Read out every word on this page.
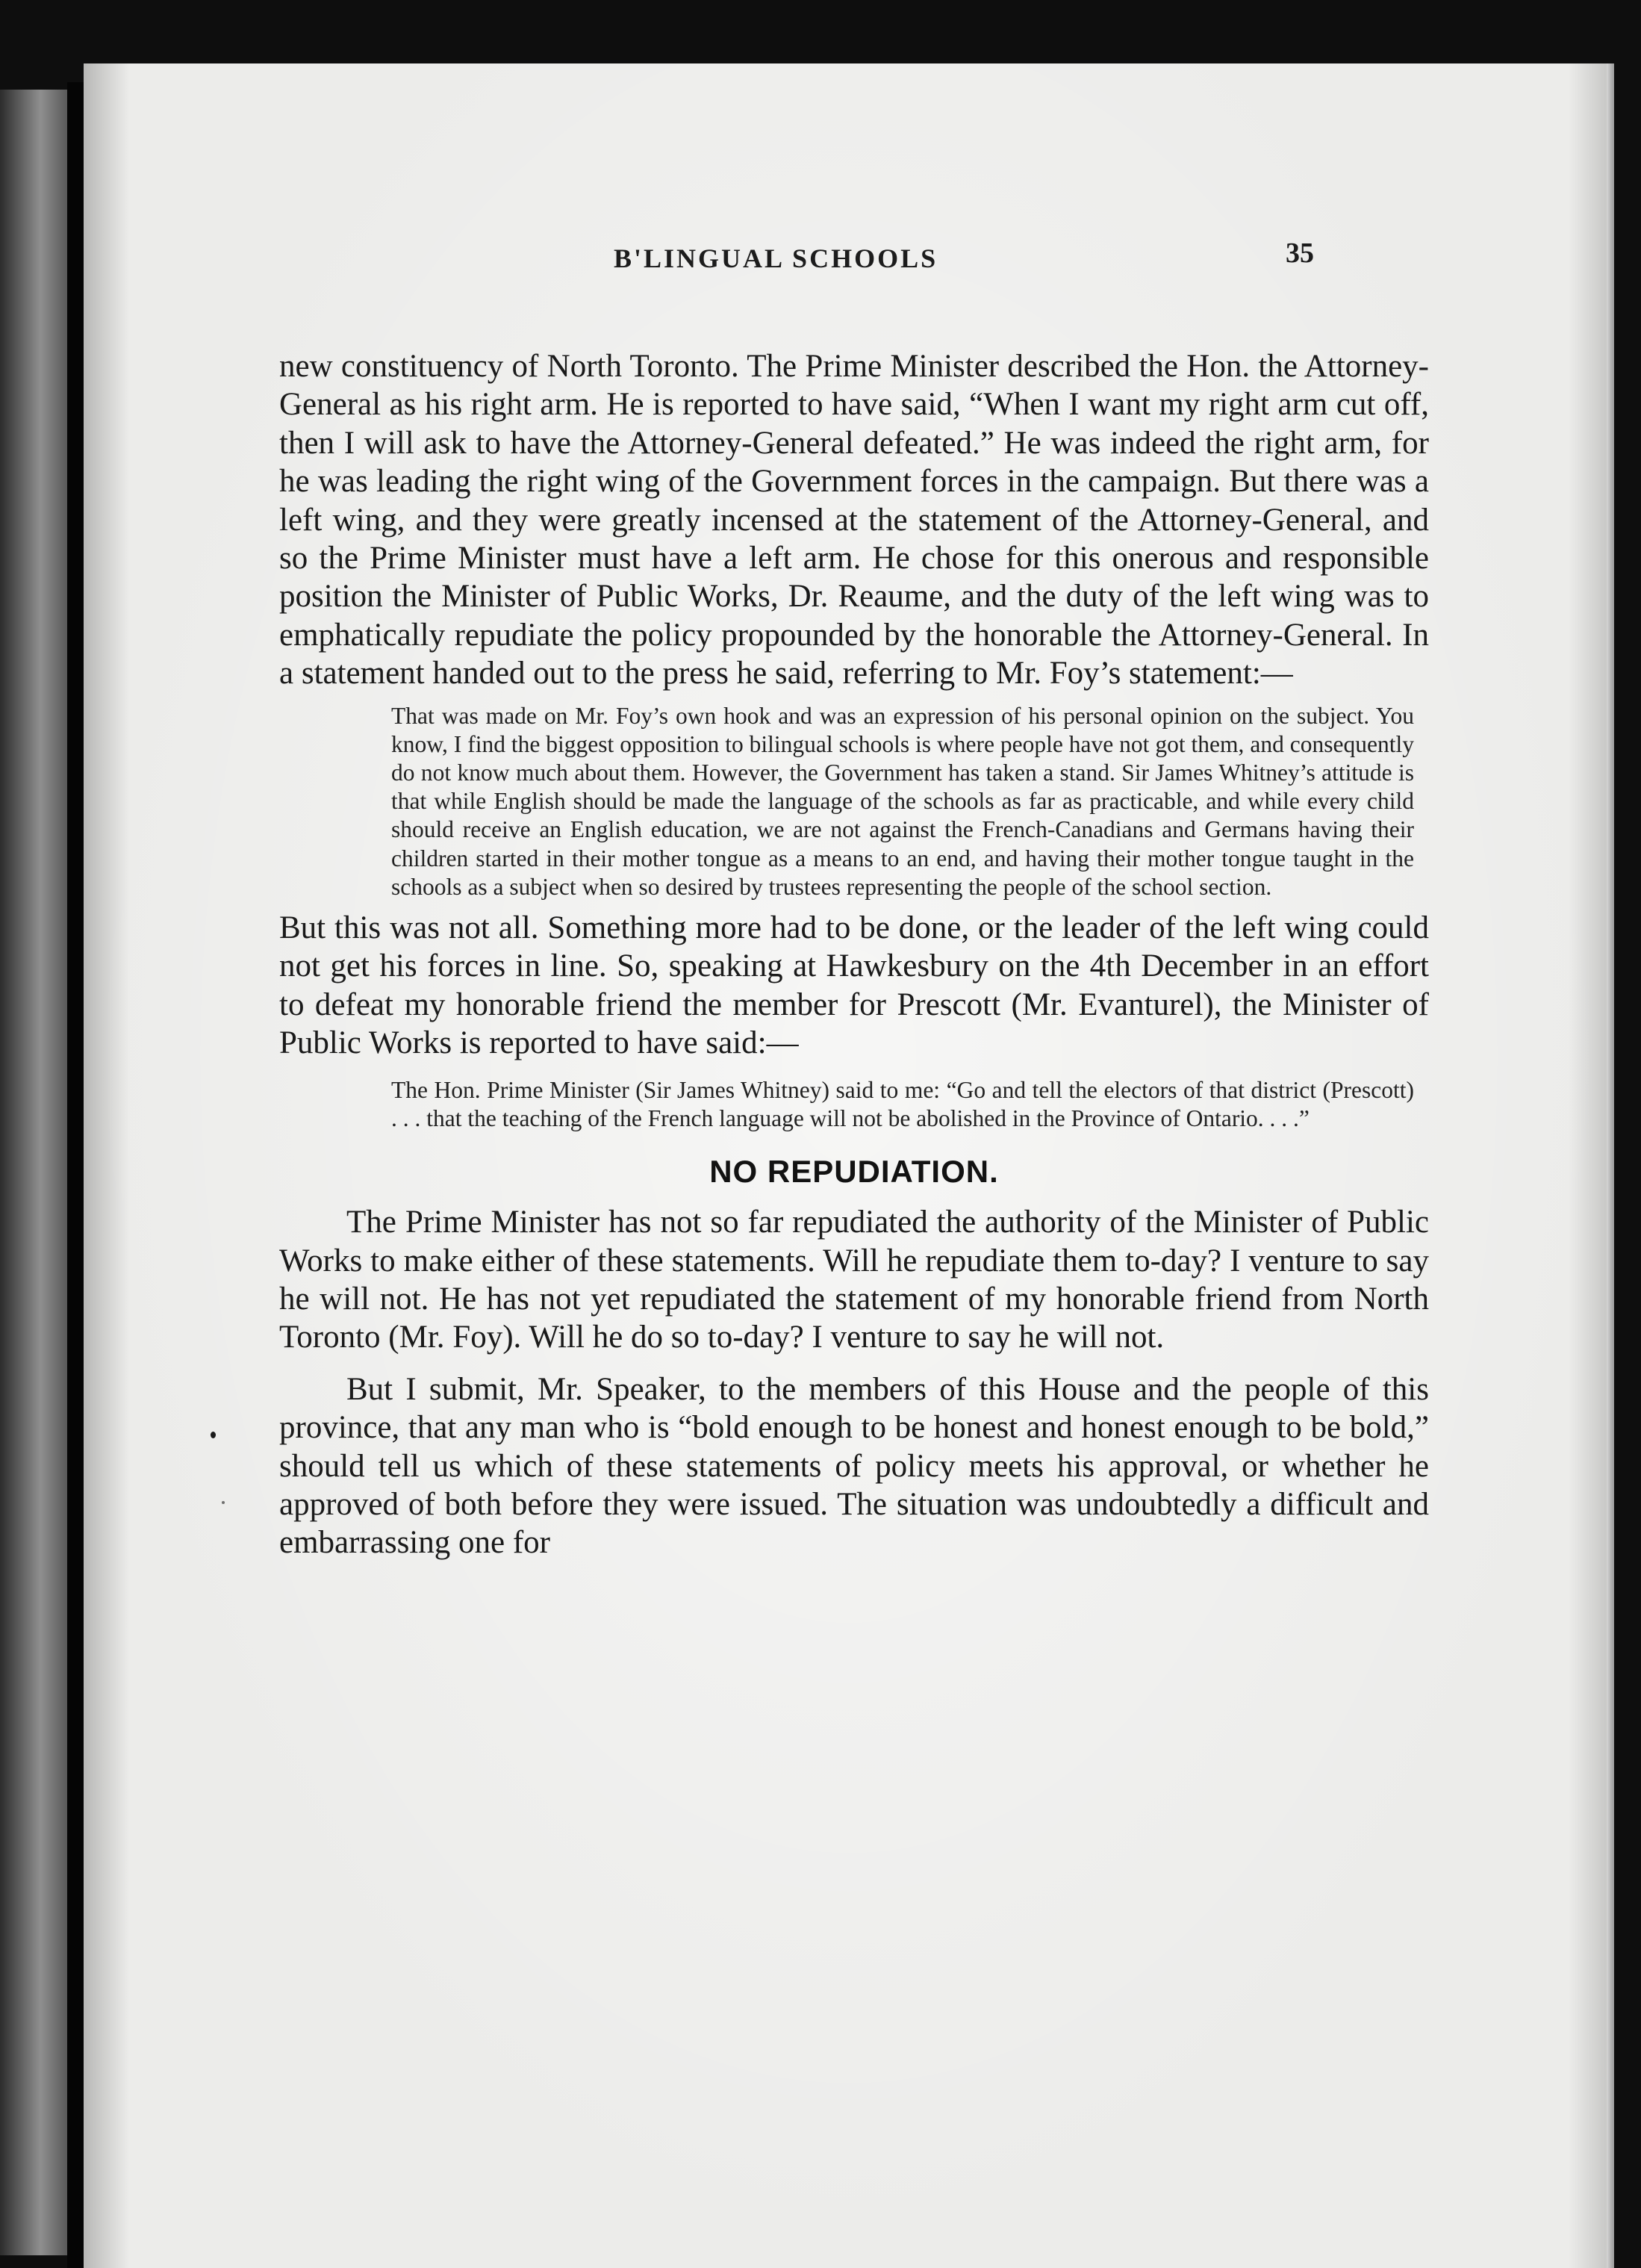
B'LINGUAL SCHOOLS	35

new constituency of North Toronto. The Prime Minister described the Hon. the Attorney-General as his right arm. He is reported to have said, “When I want my right arm cut off, then I will ask to have the Attorney-General defeated.” He was indeed the right arm, for he was leading the right wing of the Government forces in the campaign. But there was a left wing, and they were greatly incensed at the statement of the Attorney-General, and so the Prime Minister must have a left arm. He chose for this onerous and responsible position the Minister of Public Works, Dr. Reaume, and the duty of the left wing was to emphatically repudiate the policy propounded by the honorable the Attorney-General. In a statement handed out to the press he said, referring to Mr. Foy’s statement:—

That was made on Mr. Foy’s own hook and was an expression of his personal opinion on the subject. You know, I find the biggest opposition to bilingual schools is where people have not got them, and consequently do not know much about them. However, the Government has taken a stand. Sir James Whitney’s attitude is that while English should be made the language of the schools as far as practicable, and while every child should receive an English education, we are not against the French-Canadians and Germans having their children started in their mother tongue as a means to an end, and having their mother tongue taught in the schools as a subject when so desired by trustees representing the people of the school section.

But this was not all. Something more had to be done, or the leader of the left wing could not get his forces in line. So, speaking at Hawkesbury on the 4th December in an effort to defeat my honorable friend the member for Prescott (Mr. Evanturel), the Minister of Public Works is reported to have said:—

The Hon. Prime Minister (Sir James Whitney) said to me: “Go and tell the electors of that district (Prescott) . . . that the teaching of the French language will not be abolished in the Province of Ontario. . . .”

NO REPUDIATION.

The Prime Minister has not so far repudiated the authority of the Minister of Public Works to make either of these statements. Will he repudiate them to-day? I venture to say he will not. He has not yet repudiated the statement of my honorable friend from North Toronto (Mr. Foy). Will he do so to-day? I venture to say he will not.

But I submit, Mr. Speaker, to the members of this House and the people of this province, that any man who is “bold enough to be honest and honest enough to be bold,” should tell us which of these statements of policy meets his approval, or whether he approved of both before they were issued. The situation was undoubtedly a difficult and embarrassing one for
